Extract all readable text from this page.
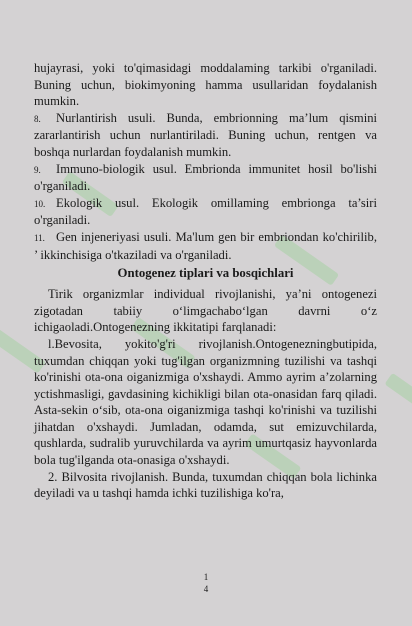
hujayrasi, yoki to'qimasidagi moddalaming tarkibi o'rganiladi. Buning uchun, biokimyoning hamma usullaridan foydalanish mumkin.

8. Nurlantirish usuli. Bunda, embrionning ma’lum qismini zararlantirish uchun nurlantiriladi. Buning uchun, rentgen va boshqa nurlardan foydalanish mumkin.

9. Immuno-biologik usul. Embrionda immunitet hosil bo'lishi o'rganiladi.

10. Ekologik usul. Ekologik omillaming embrionga ta’siri o'rganiladi.

11. Gen injeneriyasi usuli. Ma'lum gen bir embriondan ko'chirilib, ’ ikkinchisiga o'tkaziladi va o'rganiladi.

Ontogenez tiplari va bosqichlari

Tirik organizmlar individual rivojlanishi, ya’ni ontogenezi zigotadan tabiiy o‘limgachabo‘lgan davrni o‘z ichigaoladi.Ontogenezning ikkitatipi farqlanadi:

l.Bevosita, yokito'g'ri rivojlanish.Ontogenezningbutipida, tuxumdan chiqqan yoki tug'ilgan organizmning tuzilishi va tashqi ko'rinishi ota-ona oiganizmiga o'xshaydi. Ammo ayrim a’zolarning yctishmasligi, gavdasining kichikligi bilan ota-onasidan farq qiladi. Asta-sekin o‘sib, ota-ona oiganizmiga tashqi ko'rinishi va tuzilishi jihatdan o'xshaydi. Jumladan, odamda, sut emizuvchilarda, qushlarda, sudralib yuruvchilarda va ayrim umurtqasiz hayvonlarda bola tug'ilganda ota-onasiga o'xshaydi.

2. Bilvosita rivojlanish. Bunda, tuxumdan chiqqan bola lichinka deyiladi va u tashqi hamda ichki tuzilishiga ko'ra,

1
4
